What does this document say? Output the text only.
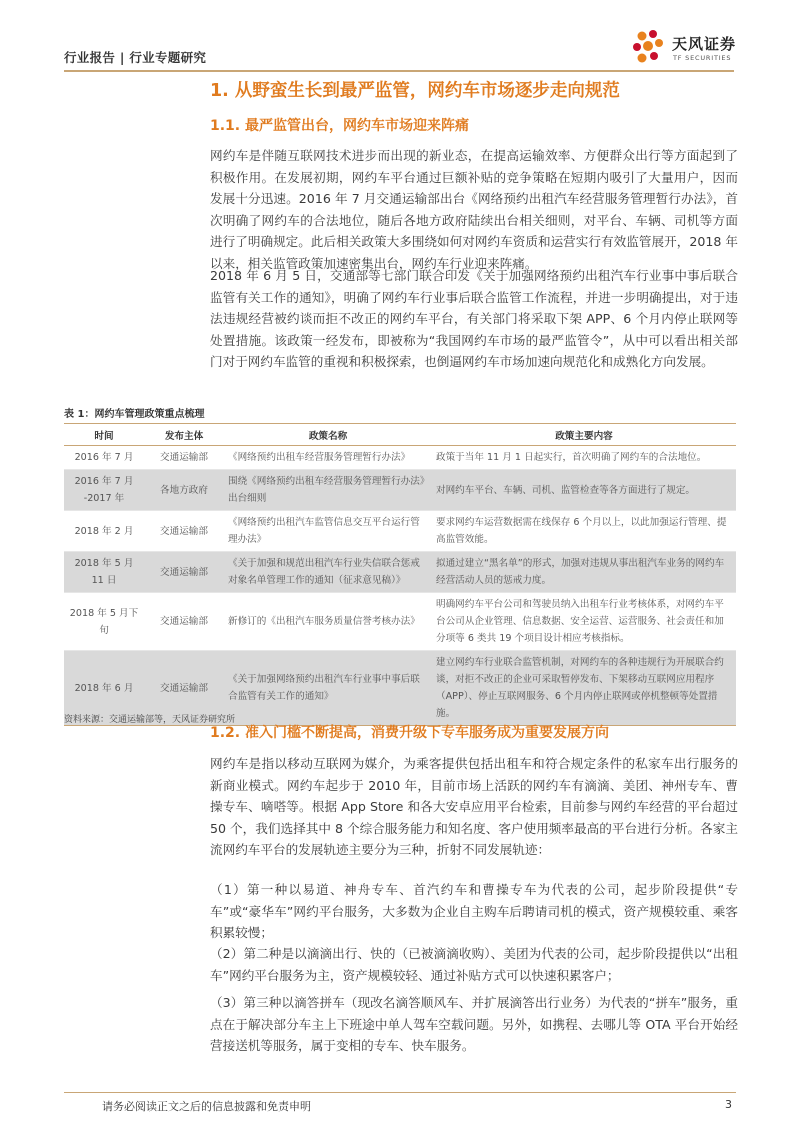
行业报告 | 行业专题研究
天风证券
TF SECURITIES
1. 从野蛮生长到最严监管，网约车市场逐步走向规范
1.1. 最严监管出台，网约车市场迎来阵痛

网约车是伴随互联网技术进步而出现的新业态，在提高运输效率、方便群众出行等方面起到了积极作用。在发展初期，网约车平台通过巨额补贴的竞争策略在短期内吸引了大量用户，因而发展十分迅速。2016 年 7 月交通运输部出台《网络预约出租汽车经营服务管理暂行办法》，首次明确了网约车的合法地位，随后各地方政府陆续出台相关细则，对平台、车辆、司机等方面进行了明确规定。此后相关政策大多围绕如何对网约车资质和运营实行有效监管展开，2018 年以来，相关监管政策加速密集出台，网约车行业迎来阵痛。

2018 年 6 月 5 日，交通部等七部门联合印发《关于加强网络预约出租汽车行业事中事后联合监管有关工作的通知》，明确了网约车行业事后联合监管工作流程，并进一步明确提出，对于违法违规经营被约谈而拒不改正的网约车平台，有关部门将采取下架 APP、6 个月内停止联网等处置措施。该政策一经发布，即被称为“我国网约车市场的最严监管令”，从中可以看出相关部门对于网约车监管的重视和积极探索，也倒逼网约车市场加速向规范化和成熟化方向发展。

表 1：网约车管理政策重点梳理
时间	发布主体	政策名称	政策主要内容
2016 年 7 月	交通运输部	《网络预约出租车经营服务管理暂行办法》	政策于当年 11 月 1 日起实行，首次明确了网约车的合法地位。
2016 年 7 月 -2017 年	各地方政府	围绕《网络预约出租车经营服务管理暂行办法》出台细则	对网约车平台、车辆、司机、监管检查等各方面进行了规定。
2018 年 2 月	交通运输部	《网络预约出租汽车监管信息交互平台运行管理办法》	要求网约车运营数据需在线保存 6 个月以上，以此加强运行管理、提高监管效能。
2018 年 5 月 11 日	交通运输部	《关于加强和规范出租汽车行业失信联合惩戒对象名单管理工作的通知（征求意见稿）》	拟通过建立“黑名单”的形式，加强对违规从事出租汽车业务的网约车经营活动人员的惩戒力度。
2018 年 5 月下旬	交通运输部	新修订的《出租汽车服务质量信誉考核办法》	明确网约车平台公司和驾驶员纳入出租车行业考核体系，对网约车平台公司从企业管理、信息数据、安全运营、运营服务、社会责任和加分项等 6 类共 19 个项目设计相应考核指标。
2018 年 6 月	交通运输部	《关于加强网络预约出租汽车行业事中事后联合监管有关工作的通知》	建立网约车行业联合监管机制，对网约车的各种违规行为开展联合约谈，对拒不改正的企业可采取暂停发布、下架移动互联网应用程序（APP）、停止互联网服务、6 个月内停止联网或停机整顿等处置措施。
资料来源：交通运输部等，天风证券研究所
1.2. 准入门槛不断提高，消费升级下专车服务成为重要发展方向

网约车是指以移动互联网为媒介，为乘客提供包括出租车和符合规定条件的私家车出行服务的新商业模式。网约车起步于 2010 年，目前市场上活跃的网约车有滴滴、美团、神州专车、曹操专车、嘀嗒等。根据 App Store 和各大安卓应用平台检索，目前参与网约车经营的平台超过 50 个，我们选择其中 8 个综合服务能力和知名度、客户使用频率最高的平台进行分析。各家主流网约车平台的发展轨迹主要分为三种，折射不同发展轨迹：

（1）第一种以易道、神舟专车、首汽约车和曹操专车为代表的公司，起步阶段提供“专车”或“豪华车”网约平台服务，大多数为企业自主购车后聘请司机的模式，资产规模较重、乘客积累较慢；

（2）第二种是以滴滴出行、快的（已被滴滴收购）、美团为代表的公司，起步阶段提供以“出租车”网约平台服务为主，资产规模较轻、通过补贴方式可以快速积累客户；

（3）第三种以滴答拼车（现改名滴答顺风车、并扩展滴答出行业务）为代表的“拼车”服务，重点在于解决部分车主上下班途中单人驾车空载问题。另外，如携程、去哪儿等 OTA 平台开始经营接送机等服务，属于变相的专车、快车服务。

请务必阅读正文之后的信息披露和免责申明	3
